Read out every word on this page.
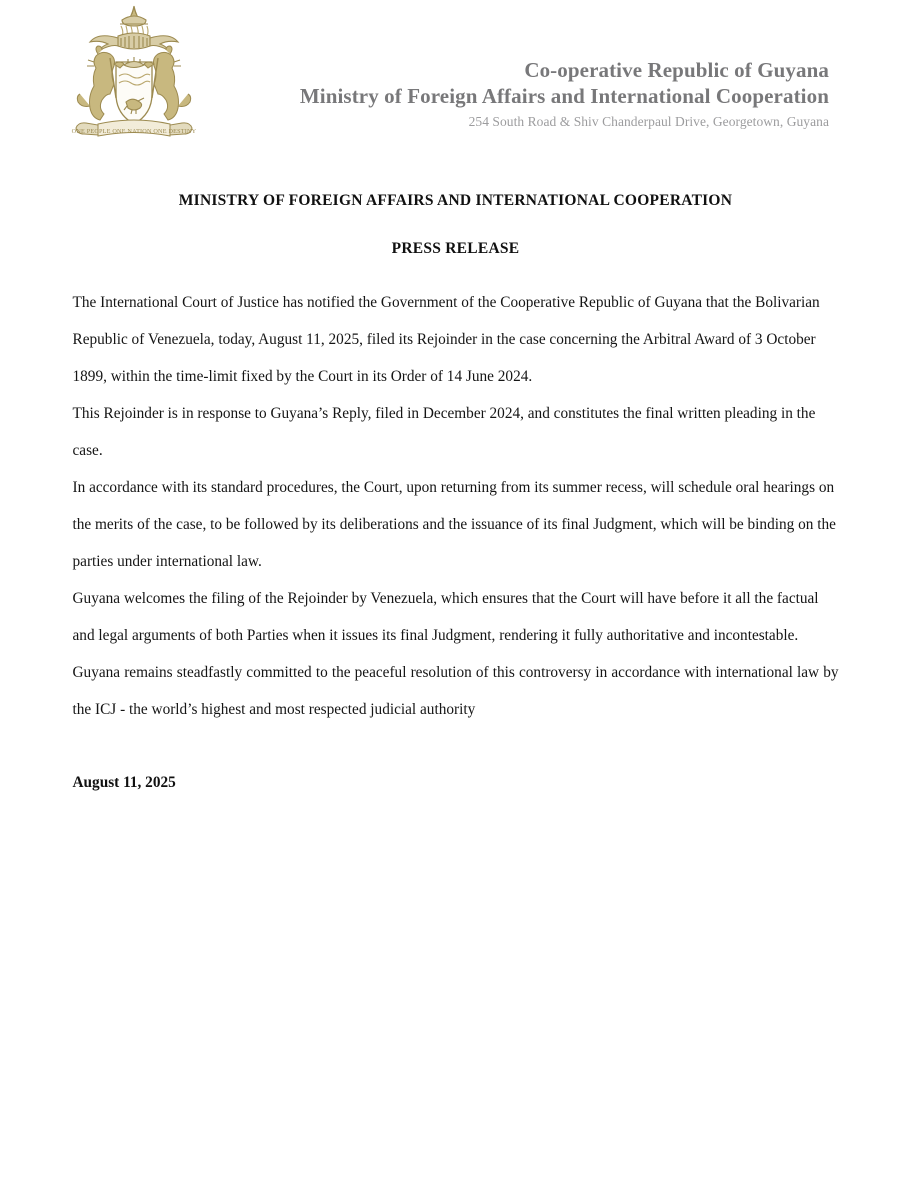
ONE PEOPLE ONE NATION ONE DESTINY
Co-operative Republic of Guyana
Ministry of Foreign Affairs and International Cooperation
254 South Road & Shiv Chanderpaul Drive, Georgetown, Guyana
MINISTRY OF FOREIGN AFFAIRS AND INTERNATIONAL COOPERATION
PRESS RELEASE

The International Court of Justice has notified the Government of the Cooperative Republic of Guyana that the Bolivarian Republic of Venezuela, today, August 11, 2025, filed its Rejoinder in the case concerning the Arbitral Award of 3 October 1899, within the time-limit fixed by the Court in its Order of 14 June 2024.

This Rejoinder is in response to Guyana’s Reply, filed in December 2024, and constitutes the final written pleading in the case.

In accordance with its standard procedures, the Court, upon returning from its summer recess, will schedule oral hearings on the merits of the case, to be followed by its deliberations and the issuance of its final Judgment, which will be binding on the parties under international law.

Guyana welcomes the filing of the Rejoinder by Venezuela, which ensures that the Court will have before it all the factual and legal arguments of both Parties when it issues its final Judgment, rendering it fully authoritative and incontestable.

Guyana remains steadfastly committed to the peaceful resolution of this controversy in accordance with international law by the ICJ - the world’s highest and most respected judicial authority

August 11, 2025
